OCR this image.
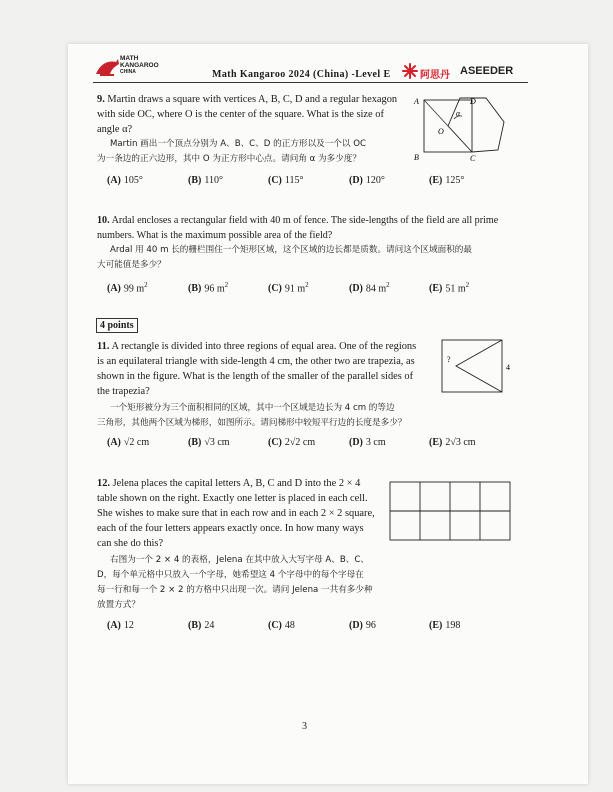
MATH
KANGAROO
CHINA	Math Kangaroo 2024 (China) -Level E	阿思丹 ASEEDER
9. Martin draws a square with vertices A, B, C, D and a regular hexagon
with side OC, where O is the center of the square. What is the size of
angle α?
Martin 画出一个顶点分别为 A、B、C、D 的正方形以及一个以 OC
为一条边的正六边形，其中 O 为正方形中心点。请问角 α 为多少度？
A
B	C
D
O
α
(A) 105°	(B) 110°	(C) 115°	(D) 120°	(E) 125°
10. Ardal encloses a rectangular field with 40 m of fence. The side-lengths of the field are all prime
numbers. What is the maximum possible area of the field?
Ardal 用 40 m 长的栅栏围住一个矩形区域，这个区域的边长都是质数。请问这个区域面积的最
大可能值是多少？
(A) 99 $m^2$	(B) 96 $m^2$	(C) 91 $m^2$	(D) 84 $m^2$	(E) 51 $m^2$
4 points
11. A rectangle is divided into three regions of equal area. One of the regions
is an equilateral triangle with side-length 4 cm, the other two are trapezia, as
shown in the figure. What is the length of the smaller of the parallel sides of
the trapezia?
?
4
一个矩形被分为三个面积相同的区域，其中一个区域是边长为 4 cm 的等边
三角形，其他两个区域为梯形，如图所示。请问梯形中较短平行边的长度是多少？
(A) √2 cm	(B) √3 cm	(C) 2√2 cm	(D) 3 cm	(E) 2√3 cm
12. Jelena places the capital letters A, B, C and D into the 2 × 4
table shown on the right. Exactly one letter is placed in each cell.
She wishes to make sure that in each row and in each 2 × 2 square,
each of the four letters appears exactly once. In how many ways
can she do this?
右图为一个 2 × 4 的表格，Jelena 在其中放入大写字母 A、B、C、
D，每个单元格中只放入一个字母，她希望这 4 个字母中的每个字母在
每一行和每一个 2 × 2 的方格中只出现一次。请问 Jelena 一共有多少种
放置方式？
(A) 12	(B) 24	(C) 48	(D) 96	(E) 198
3
